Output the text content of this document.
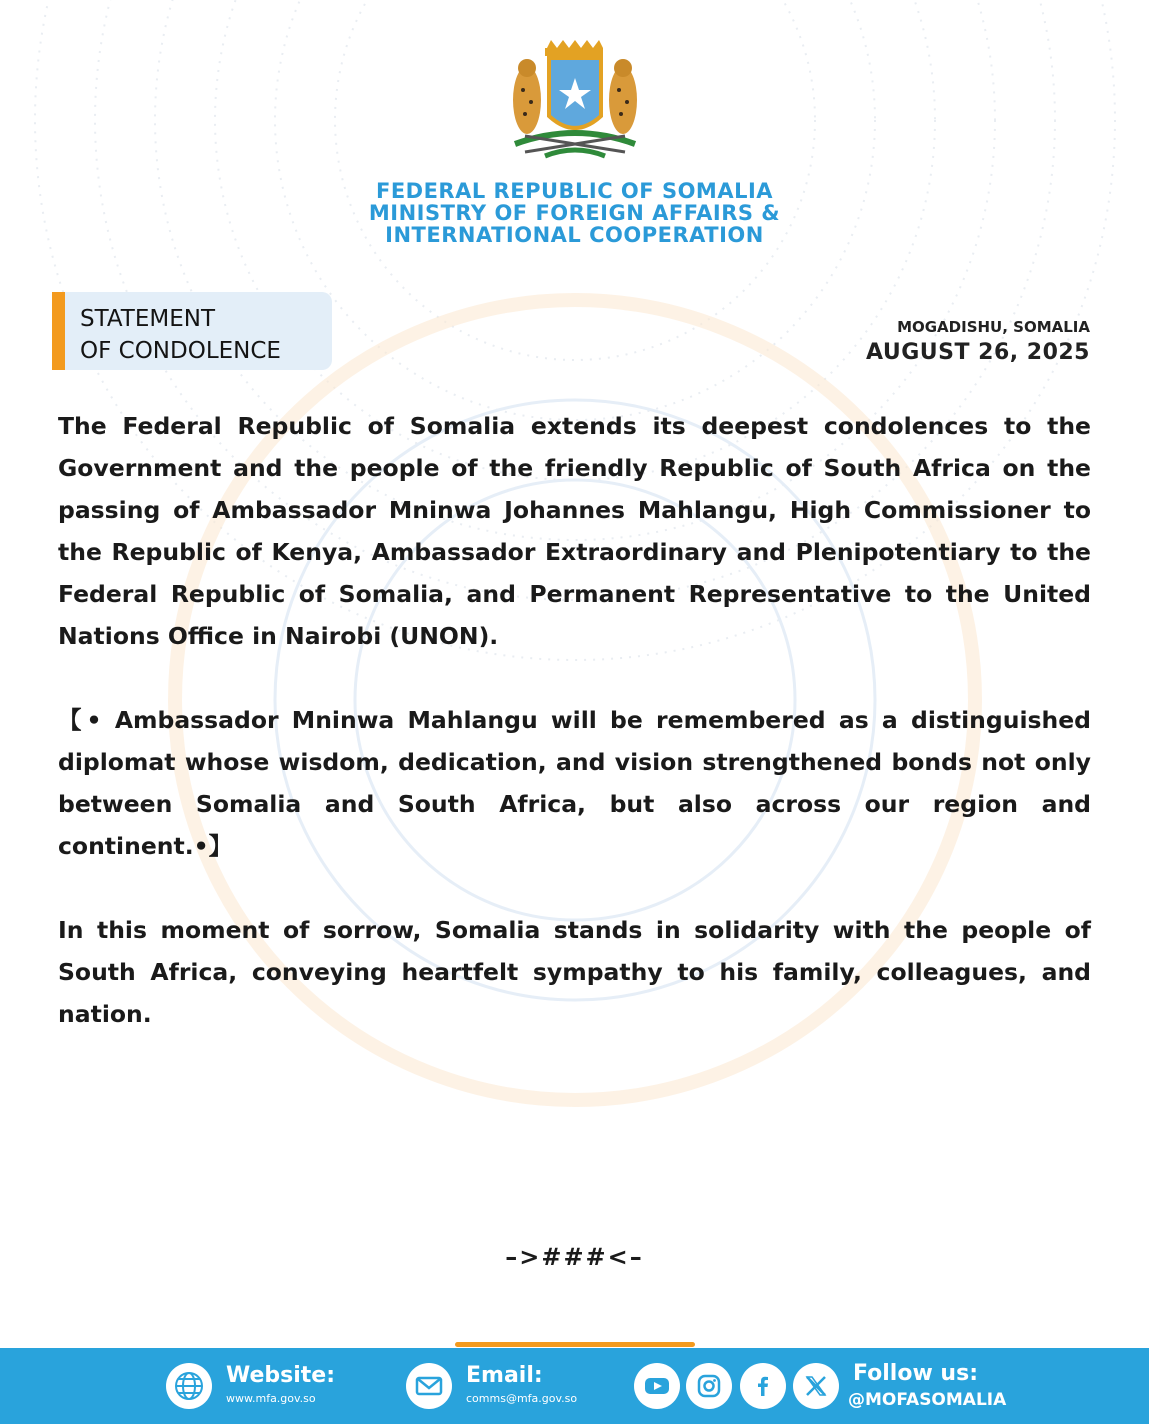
FEDERAL REPUBLIC OF SOMALIA
MINISTRY OF FOREIGN AFFAIRS &
INTERNATIONAL COOPERATION
STATEMENT
OF CONDOLENCE
MOGADISHU, SOMALIA
AUGUST 26, 2025

The Federal Republic of Somalia extends its deepest condolences to the Government and the people of the friendly Republic of South Africa on the passing of Ambassador Mninwa Johannes Mahlangu, High Commissioner to the Republic of Kenya, Ambassador Extraordinary and Plenipotentiary to the Federal Republic of Somalia, and Permanent Representative to the United Nations Office in Nairobi (UNON).

【• Ambassador Mninwa Mahlangu will be remembered as a distinguished diplomat whose wisdom, dedication, and vision strengthened bonds not only between Somalia and South Africa, but also across our region and continent.•】

In this moment of sorrow, Somalia stands in solidarity with the people of South Africa, conveying heartfelt sympathy to his family, colleagues, and nation.

–>###<–
Website:
www.mfa.gov.so
Email:
comms@mfa.gov.so
Follow us:
@MOFASOMALIA
